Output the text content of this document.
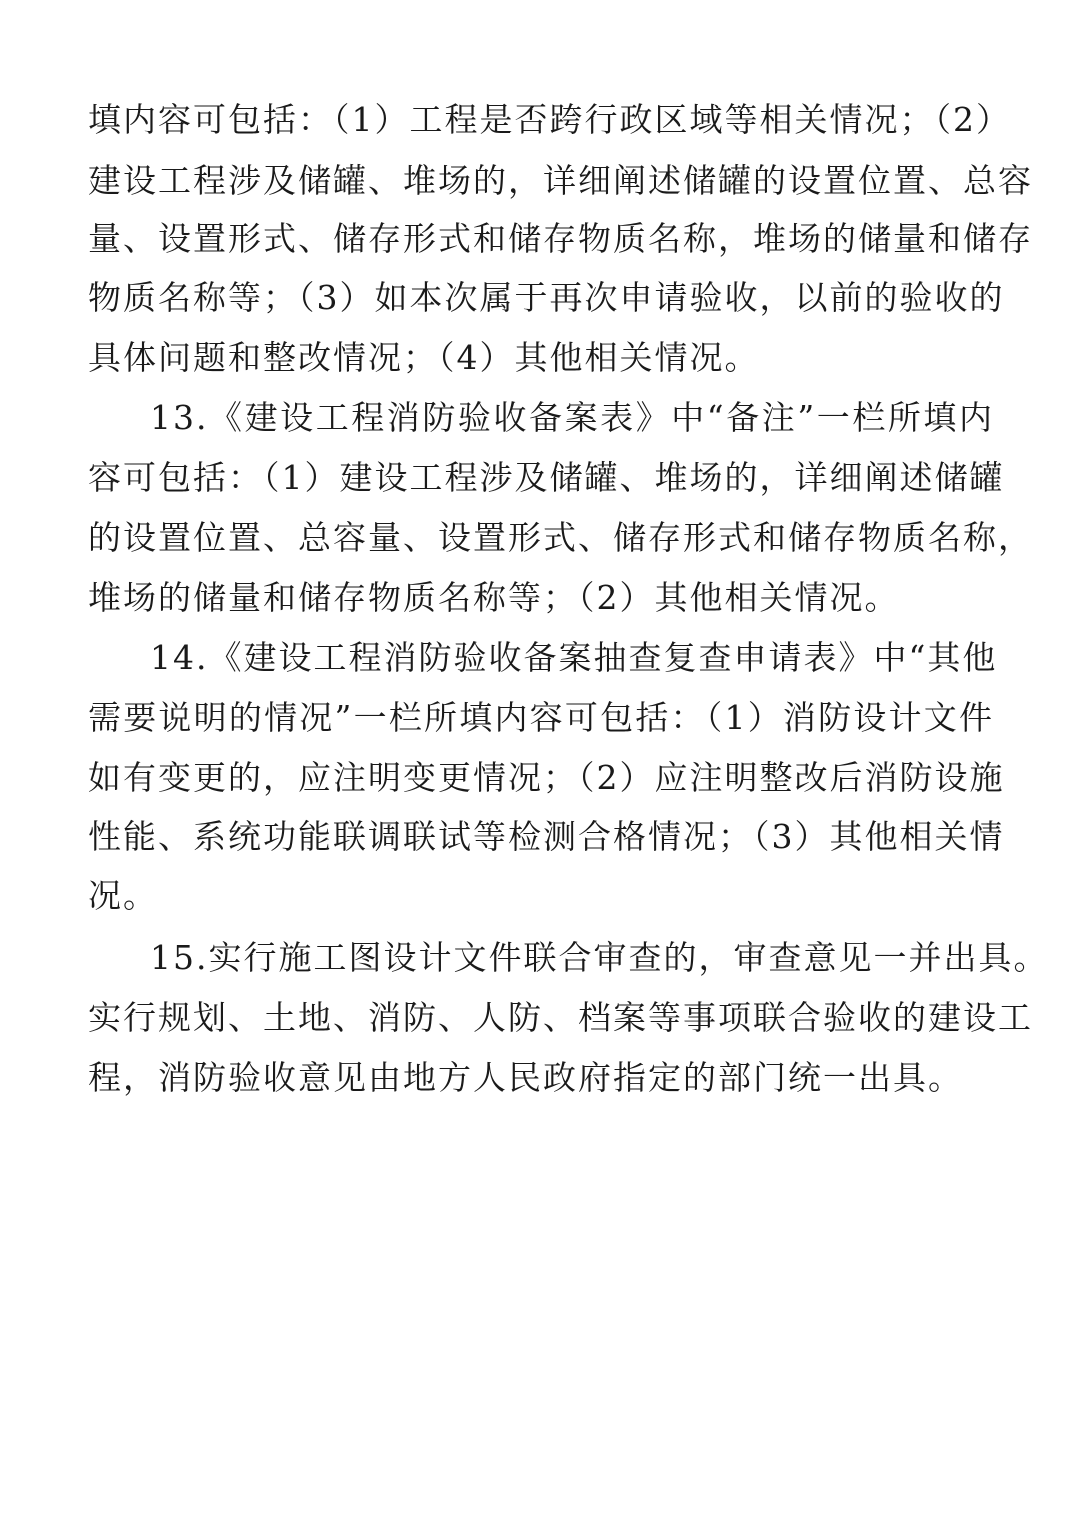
填内容可包括：（1）工程是否跨行政区域等相关情况；（2）

建设工程涉及储罐、堆场的，详细阐述储罐的设置位置、总容

量、设置形式、储存形式和储存物质名称，堆场的储量和储存

物质名称等；（3）如本次属于再次申请验收，以前的验收的

具体问题和整改情况；（4）其他相关情况。

13.《建设工程消防验收备案表》中“备注”一栏所填内

容可包括：（1）建设工程涉及储罐、堆场的，详细阐述储罐

的设置位置、总容量、设置形式、储存形式和储存物质名称，

堆场的储量和储存物质名称等；（2）其他相关情况。

14.《建设工程消防验收备案抽查复查申请表》中“其他

需要说明的情况”一栏所填内容可包括：（1）消防设计文件

如有变更的，应注明变更情况；（2）应注明整改后消防设施

性能、系统功能联调联试等检测合格情况；（3）其他相关情

况。

15.实行施工图设计文件联合审查的，审查意见一并出具。

实行规划、土地、消防、人防、档案等事项联合验收的建设工

程，消防验收意见由地方人民政府指定的部门统一出具。
